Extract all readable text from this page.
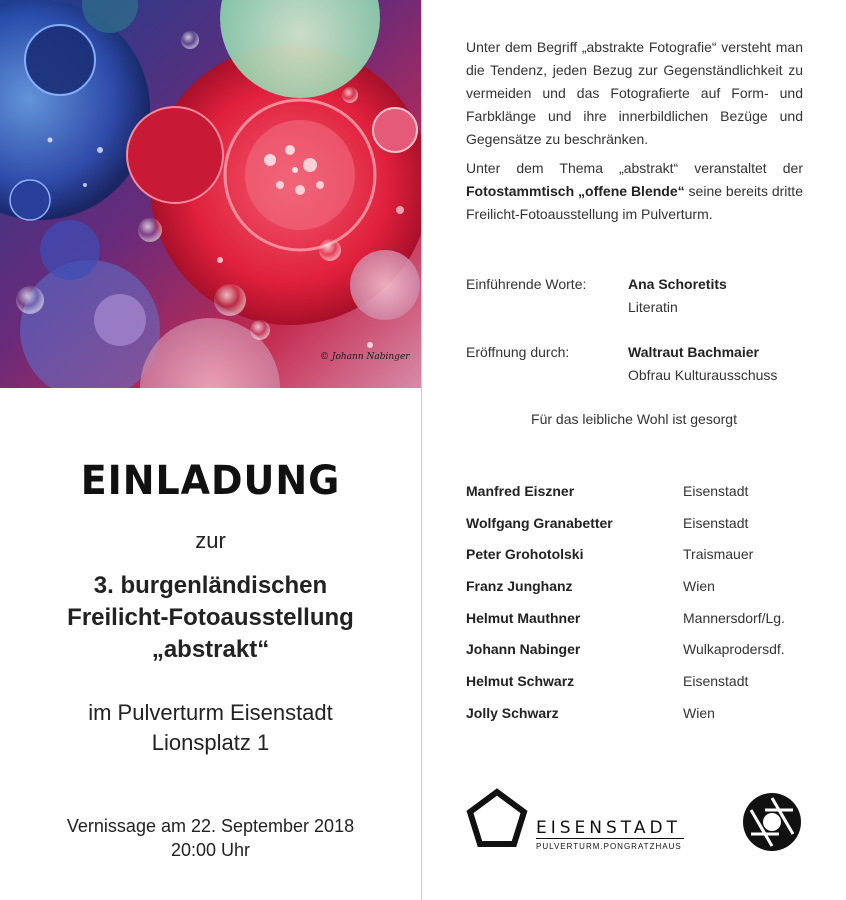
© Johann Nabinger
EINLADUNG
zur
3. burgenländischen
Freilicht-Fotoausstellung
„abstrakt“
im Pulverturm Eisenstadt
Lionsplatz 1
Vernissage am 22. September 2018
20:00 Uhr

Unter dem Begriff „abstrakte Fotografie“ versteht man die Tendenz, jeden Bezug zur Gegenständlichkeit zu vermeiden und das Fotografierte auf Form- und Farbklänge und ihre innerbildlichen Bezüge und Gegensätze zu beschränken.

Unter dem Thema „abstrakt“ veranstaltet der Fotostammtisch „offene Blende“ seine bereits dritte Freilicht-Fotoausstellung im Pulverturm.

Einführende Worte:	Ana Schoretits
Literatin
Eröffnung durch:	Waltraut Bachmaier
Obfrau Kulturausschuss
Für das leibliche Wohl ist gesorgt
Manfred Eiszner	Eisenstadt
Wolfgang Granabetter	Eisenstadt
Peter Grohotolski	Traismauer
Franz Junghanz	Wien
Helmut Mauthner	Mannersdorf/Lg.
Johann Nabinger	Wulkaprodersdf.
Helmut Schwarz	Eisenstadt
Jolly Schwarz	Wien
EISENSTADT
PULVERTURM.PONGRATZHAUS
